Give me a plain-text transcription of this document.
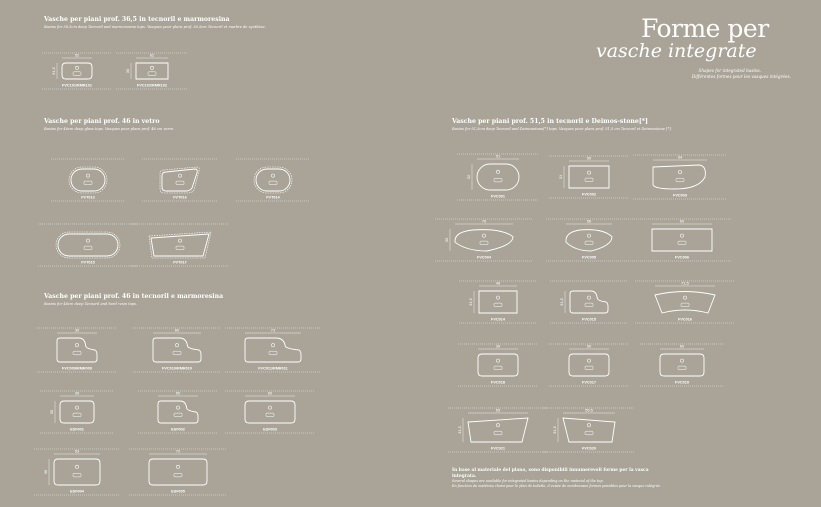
Forme per
vasche integrate
Shapes for integrated basins.
Différentes formes pour les vasques intégrées.
Vasche per piani prof. 36,5 in tecnoril e marmoresina
Basins for 36,5cm deep Tecnoril and marmoresina tops. Vasques pour plans prof. 36,5cm Tecnoril et marbre de synthèse.
Vasche per piani prof. 46 in vetro
Basins for 46cm deep glass tops. Vasques pour plans prof. 46 cm verre.
Vasche per piani prof. 46 in tecnoril e marmoresina
Basins for 46cm deep Tecnoril and hard resin tops.
Vasche per piani prof. 51,5 in tecnoril e Deimos-stone[*]
Basins for 51,5cm deep Tecnoril and Deimosstone[*] tops. Vasques pour plans prof. 51,5 cm Tecnoril et Deimosstone [*].
52
31,5
FVC101/RMR101
62
30
FVC102/RMR102
FVT013	FVT016	FVT014
FVT015	FVT017
35
FVC009/RMR009
60
FVC010/RMR010
73
FVC011/RMR011
39
30
ESF001
50
ESF002
60
ESF003
53
36
ESF004
72
ESF005
51
32
FVC001
50
31
FVC002
64
FVC003
76
30
FVC004
56
FVC005
60
FVC006
46
31,5
FVC014
31,5
FVC015
71,5
FVC016
39
FVC018
50
FVC017
60
FVC019
65
31,5
FVC021
55,5
31,5
FVC020
In base al materiale del piano, sono disponibili innumerevoli forme per la vasca integrata.
Several shapes are available for integrated basins depending on the material of the top.
En fonction du matériau choisi pour le plan de toilette, il existe de nombreuses formes possibles pour la vasque intégrée.
